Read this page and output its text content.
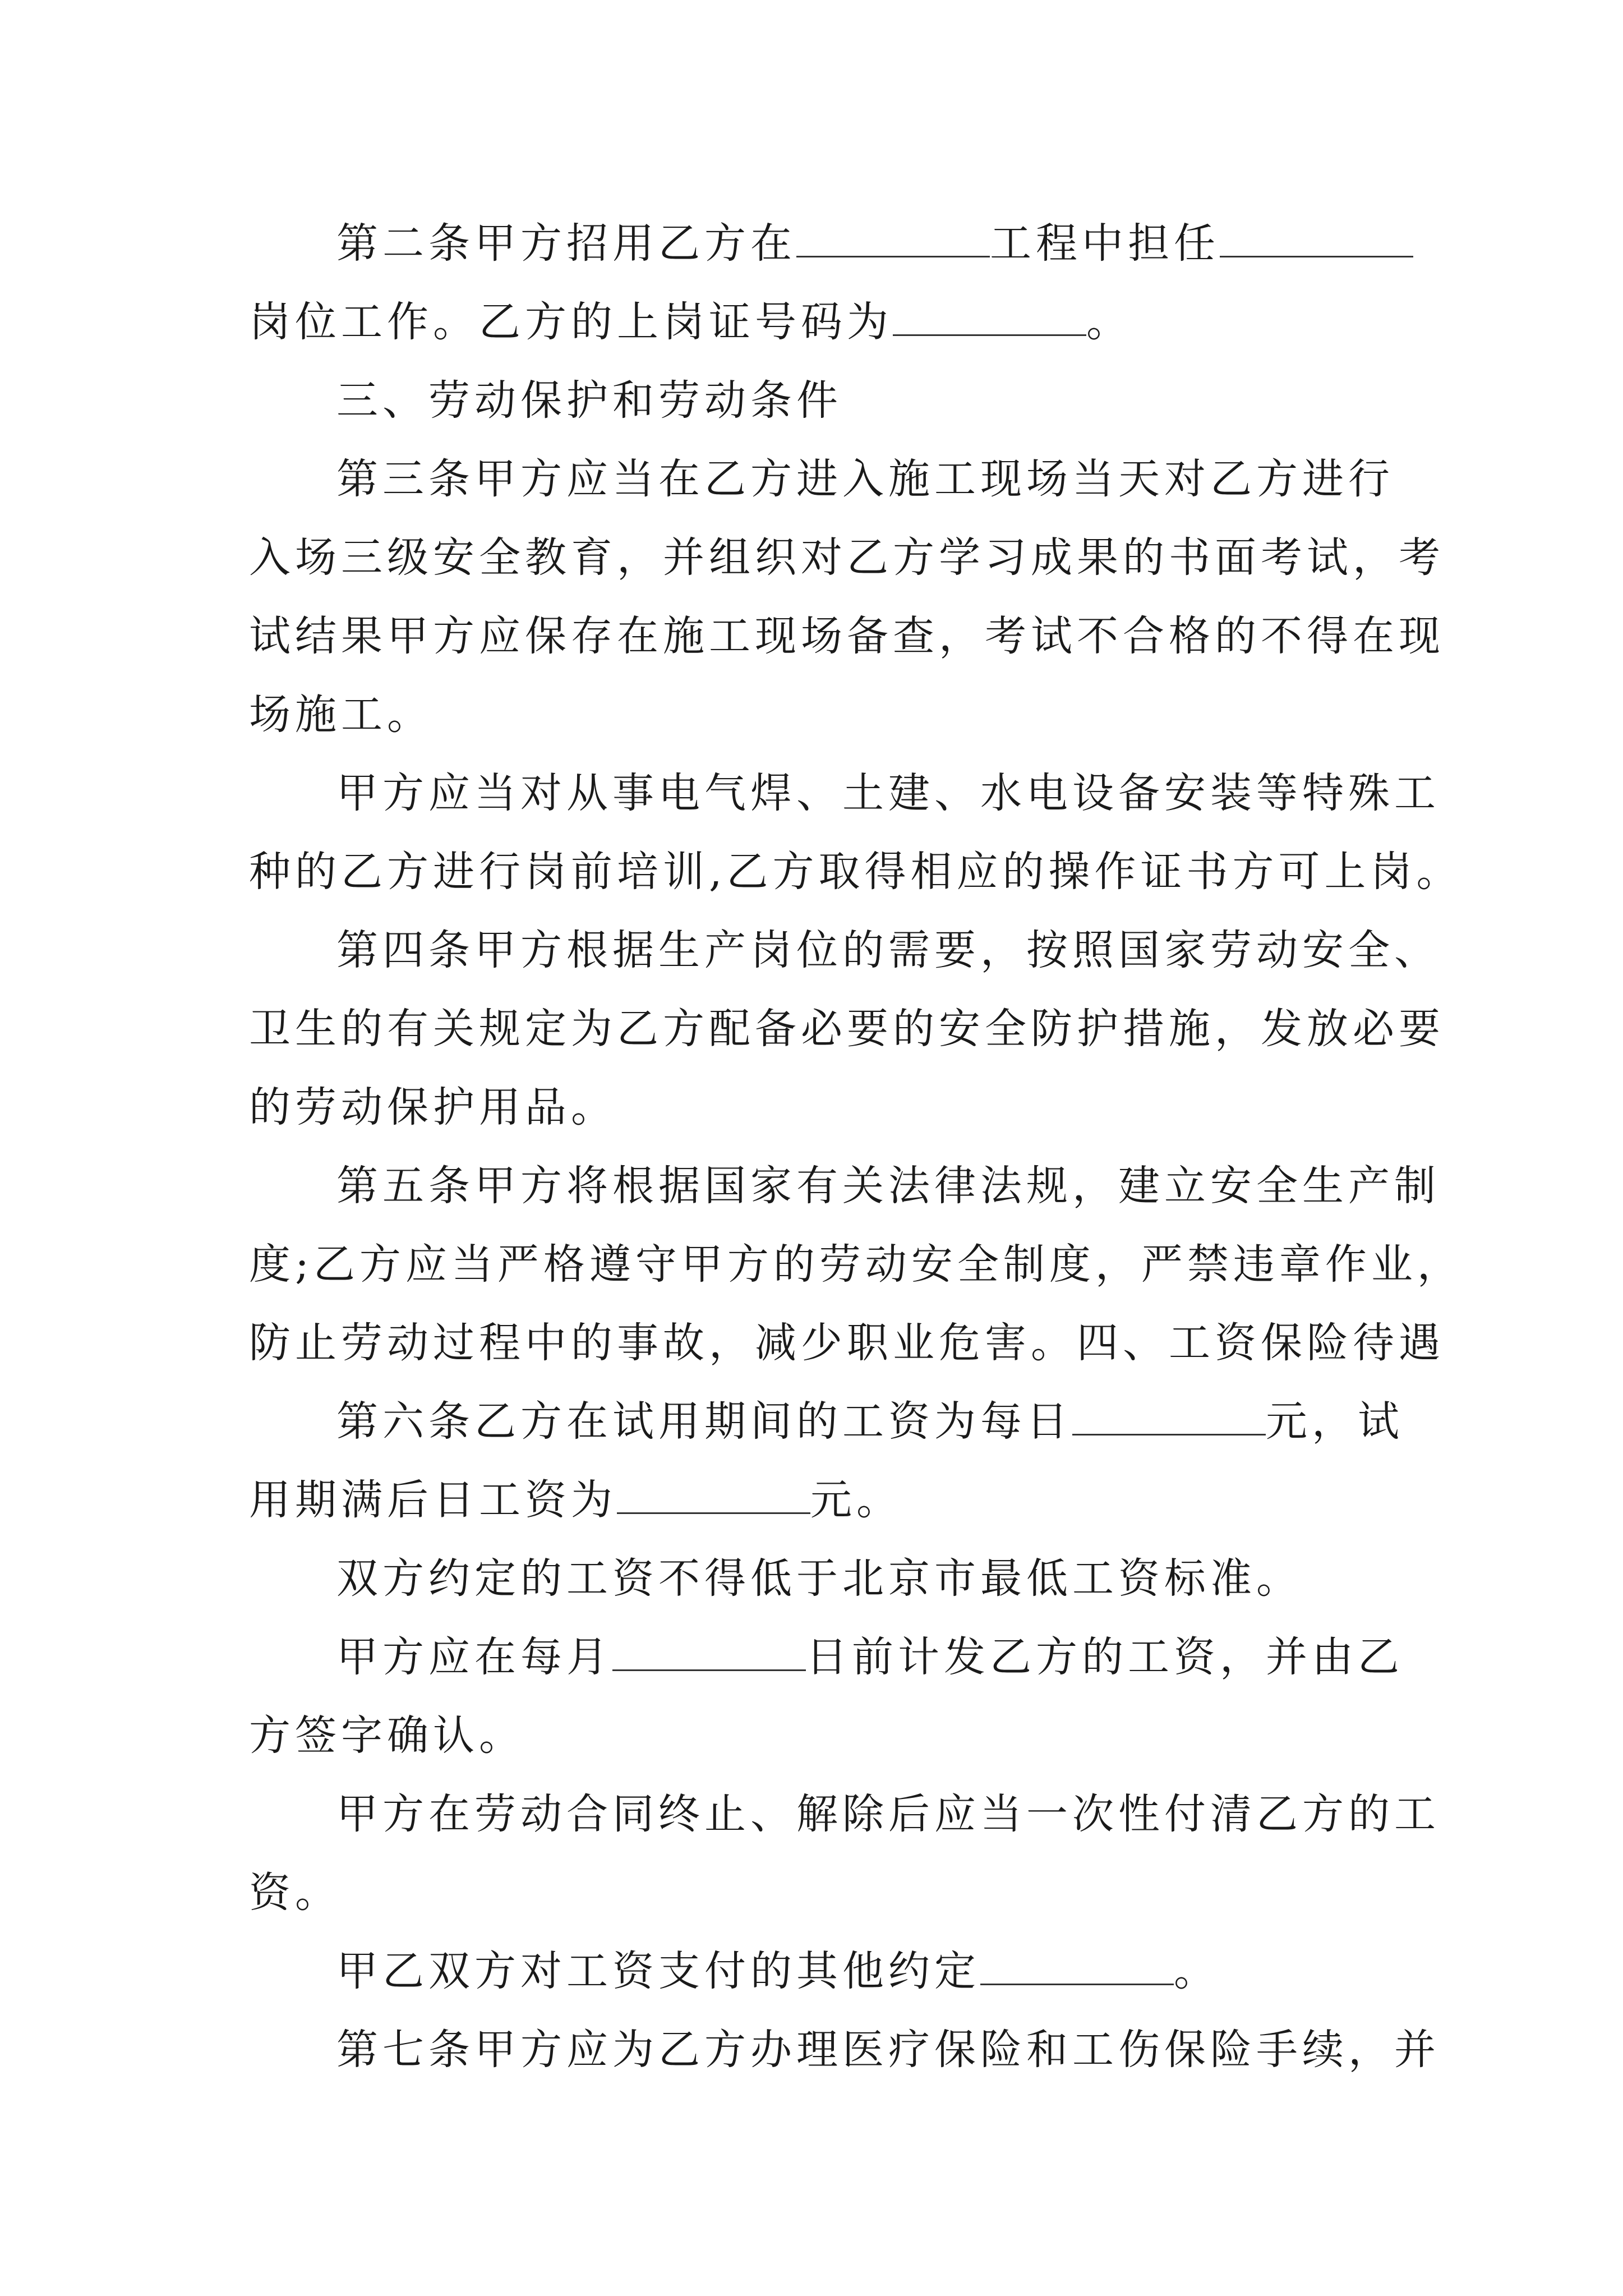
第二条甲方招用乙方在	工程中担任
岗位工作。乙方的上岗证号码为	。
三、劳动保护和劳动条件
第三条甲方应当在乙方进入施工现场当天对乙方进行
入场三级安全教育，并组织对乙方学习成果的书面考试，考
试结果甲方应保存在施工现场备查，考试不合格的不得在现
场施工。
甲方应当对从事电气焊、土建、水电设备安装等特殊工
种的乙方进行岗前培训,乙方取得相应的操作证书方可上岗。
第四条甲方根据生产岗位的需要，按照国家劳动安全、
卫生的有关规定为乙方配备必要的安全防护措施，发放必要
的劳动保护用品。
第五条甲方将根据国家有关法律法规，建立安全生产制
度;乙方应当严格遵守甲方的劳动安全制度，严禁违章作业，
防止劳动过程中的事故，减少职业危害。四、工资保险待遇
第六条乙方在试用期间的工资为每日	元，试
用期满后日工资为	元。
双方约定的工资不得低于北京市最低工资标准。
甲方应在每月	日前计发乙方的工资，并由乙
方签字确认。
甲方在劳动合同终止、解除后应当一次性付清乙方的工
资。
甲乙双方对工资支付的其他约定	。
第七条甲方应为乙方办理医疗保险和工伤保险手续，并
